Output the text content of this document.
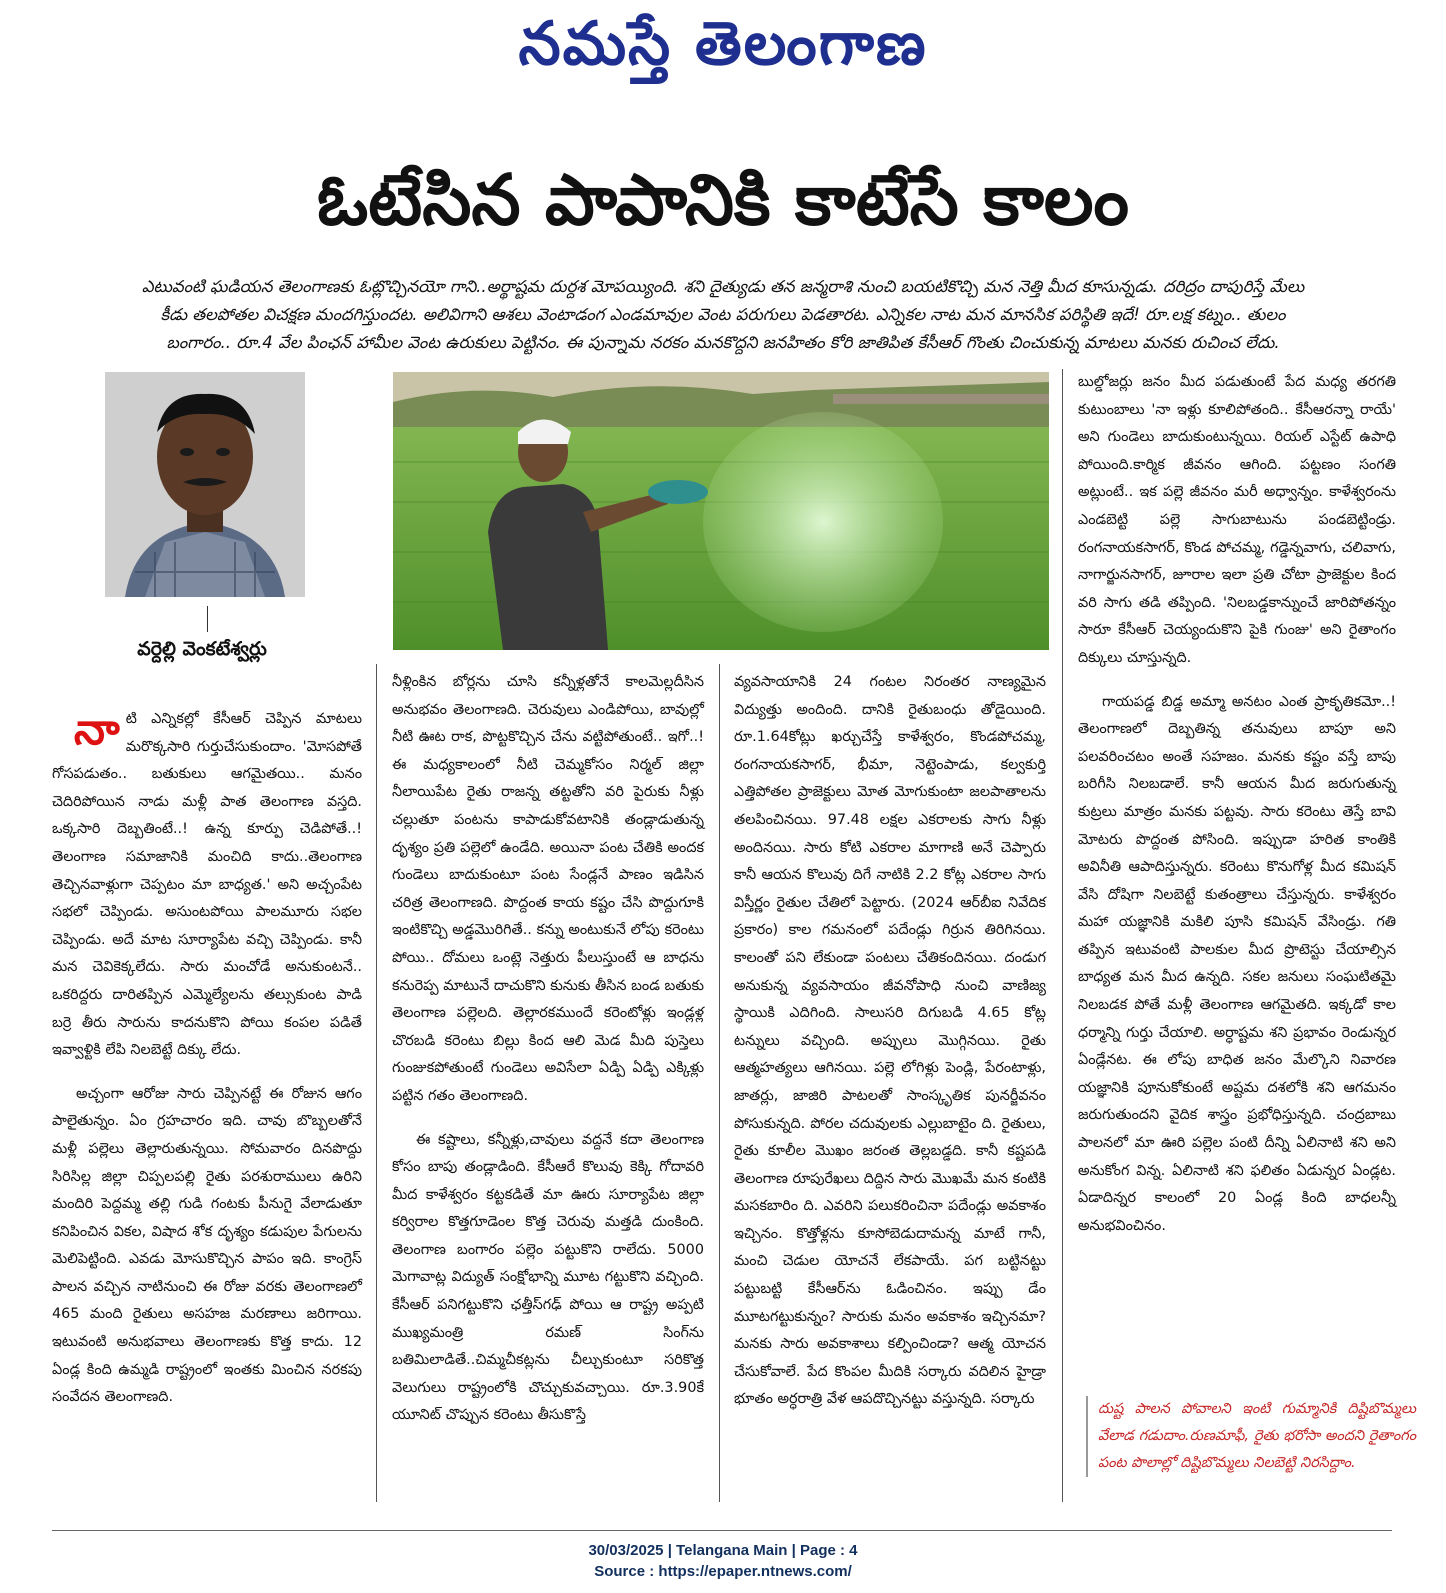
నమస్తే తెలంగాణ
ఓటేసిన పాపానికి కాటేసే కాలం

ఎటువంటి ఘడియన తెలంగాణకు ఓట్లొచ్చినయో గాని..అర్థాష్టమ దుర్దశ మోపయ్యింది. శని దైత్యుడు తన జన్మరాశి నుంచి బయటికొచ్చి మన నెత్తి మీద కూసున్నడు. దరిద్రం దాపురిస్తే మేలు

కీడు తలపోతల విచక్షణ మందగిస్తుందట. అలివిగాని ఆశలు వెంటాడంగ ఎండమావుల వెంట పరుగులు పెడతారట. ఎన్నికల నాట మన మానసిక పరిస్థితి ఇదే! రూ.లక్ష కట్నం.. తులం

బంగారం.. రూ.4 వేల పింఛన్ హామీల వెంట ఉరుకులు పెట్టినం. ఈ పున్నామ నరకం మనకొద్దని జనహితం కోరి జాతిపిత కేసీఆర్ గొంతు చించుకున్న మాటలు మనకు రుచించ లేదు.

వర్దెల్లి వెంకటేశ్వర్లు

నాటి ఎన్నికల్లో కేసీఆర్ చెప్పిన మాటలు మరొక్కసారి గుర్తుచేసుకుందాం. 'మోసపోతే గోసపడుతం.. బతుకులు ఆగమైతయి.. మనం చెదిరిపోయిన నాడు మళ్లీ పాత తెలంగాణ వస్తది. ఒక్కసారి దెబ్బతింటే..! ఉన్న కూర్పు చెడిపోతే..! తెలంగాణ సమాజానికి మంచిది కాదు..తెలంగాణ తెచ్చినవాళ్లుగా చెప్పటం మా బాధ్యత.' అని అచ్చంపేట సభలో చెప్పిండు. అసుంటపోయి పాలమూరు సభల చెప్పిండు. అదే మాట సూర్యాపేట వచ్చి చెప్పిండు. కానీ మన చెవికెక్కలేదు. సారు మంచోడే అనుకుంటనే.. ఒకరిద్దరు దారితప్పిన ఎమ్మెల్యేలను తల్సుకుంట పాడి బర్రె తీరు సారును కాదనుకొని పోయి కంపల పడితే ఇవ్వాళ్టికి లేపి నిలబెట్టే దిక్కు లేదు.

అచ్చంగా ఆరోజు సారు చెప్పినట్టే ఈ రోజున ఆగం పాలైతున్నం. ఏం గ్రహచారం ఇది. చావు బొబ్బలతోనే మళ్లీ పల్లెలు తెల్లారుతున్నయి. సోమవారం దినపొద్దు సిరిసిల్ల జిల్లా చిప్పలపల్లి రైతు పరశురాములు ఉరిని మందిరి పెద్దమ్మ తల్లి గుడి గంటకు పీనుగై వేలాడుతూ కనిపించిన వికల, విషాద శోక దృశ్యం కడుపుల పేగులను మెలిపెట్టింది. ఎవడు మోసుకొచ్చిన పాపం ఇది. కాంగ్రెస్ పాలన వచ్చిన నాటినుంచి ఈ రోజు వరకు తెలంగాణలో 465 మంది రైతులు అసహజ మరణాలు జరిగాయి. ఇటువంటి అనుభవాలు తెలంగాణకు కొత్త కాదు. 12 ఏండ్ల కింది ఉమ్మడి రాష్ట్రంలో ఇంతకు మించిన నరకపు సంవేదన తెలంగాణది.

నీళ్లింకిన బోర్లను చూసి కన్నీళ్లతోనే కాలమెల్లదీసిన అనుభవం తెలంగాణది. చెరువులు ఎండిపోయి, బావుల్లో నీటి ఊట రాక, పొట్టకొచ్చిన చేను వట్టిపోతుంటే.. ఇగో..! ఈ మధ్యకాలంలో నీటి చెమ్మకోసం నిర్మల్ జిల్లా నీలాయిపేట రైతు రాజన్న తట్టతోని వరి పైరుకు నీళ్లు చల్లుతూ పంటను కాపాడుకోవటానికి తండ్లాడుతున్న దృశ్యం ప్రతి పల్లెలో ఉండేది. అయినా పంట చేతికి అందక గుండెలు బాదుకుంటూ పంట సేండ్లనే పాణం ఇడిసిన చరిత్ర తెలంగాణది. పొద్దంత కాయ కష్టం చేసి పొద్దుగూకి ఇంటికొచ్చి అడ్డమొరిగితే.. కన్ను అంటుకునే లోపు కరెంటు పోయి.. దోమలు ఒంట్లె నెత్తురు పీలుస్తుంటే ఆ బాధను కనురెప్ప మాటునే దాచుకొని కునుకు తీసిన బండ బతుకు తెలంగాణ పల్లెలది. తెల్లారకముందే కరెంటోళ్లు ఇండ్లళ్ల చొరబడి కరెంటు బిల్లు కింద ఆలి మెడ మీది పుస్తెలు గుంజుకపోతుంటే గుండెలు అవిసేలా ఏడ్పి ఏడ్పి ఎక్కిళ్లు పట్టిన గతం తెలంగాణది.

ఈ కష్టాలు, కన్నీళ్లు,చావులు వద్దనే కదా తెలంగాణ కోసం బాపు తండ్లాడింది. కేసీఆరే కొలువు కెక్కి గోదావరి మీద కాళేశ్వరం కట్టకడితే మా ఊరు సూర్యాపేట జిల్లా కర్విరాల కొత్తగూడెంల కొత్త చెరువు మత్తడి దుంకింది. తెలంగాణ బంగారం పల్లెం పట్టుకొని రాలేదు. 5000 మెగావాట్ల విద్యుత్ సంక్షోభాన్ని మూట గట్టుకొని వచ్చింది. కేసీఆర్ పనిగట్టుకొని ఛత్తీస్‌గఢ్ పోయి ఆ రాష్ట్ర అప్పటి ముఖ్యమంత్రి రమణ్ సింగ్‌ను బతిమిలాడితే..చిమ్మచీకట్లను చీల్చుకుంటూ సరికొత్త వెలుగులు రాష్ట్రంలోకి చొచ్చుకువచ్చాయి. రూ.3.90కే యూనిట్ చొప్పున కరెంటు తీసుకొస్తే

వ్యవసాయానికి 24 గంటల నిరంతర నాణ్యమైన విద్యుత్తు అందింది. దానికి రైతుబంధు తోడైయింది. రూ.1.64కోట్లు ఖర్చుచేస్తే కాళేశ్వరం, కొండపోచమ్మ, రంగనాయకసాగర్, భీమా, నెట్టెంపాడు, కల్వకుర్తి ఎత్తిపోతల ప్రాజెక్టులు మోత మోగుకుంటా జలపాతాలను తలపించినయి. 97.48 లక్షల ఎకరాలకు సాగు నీళ్లు అందినయి. సారు కోటి ఎకరాల మాగాణి అనే చెప్పారు కానీ ఆయన కొలువు దిగే నాటికి 2.2 కోట్ల ఎకరాల సాగు విస్తీర్ణం రైతుల చేతిలో పెట్టారు. (2024 ఆర్‌బీఐ నివేదిక ప్రకారం) కాల గమనంలో పదేండ్లు గిర్రున తిరిగినయి. కాలంతో పని లేకుండా పంటలు చేతికందినయి. దండుగ అనుకున్న వ్యవసాయం జీవనోపాధి నుంచి వాణిజ్య స్థాయికి ఎదిగింది. సాలుసరి దిగుబడి 4.65 కోట్ల టన్నులు వచ్చింది. అప్పులు మొగ్గినయి. రైతు ఆత్మహత్యలు ఆగినయి. పల్లె లోగిళ్లు పెండ్లి, పేరంటాళ్లు, జాతర్లు, జాజిరి పాటలతో సాంస్కృతిక పునర్జీవనం పోసుకున్నది. పోరల చదువులకు ఎల్లుబాటైం ది. రైతులు, రైతు కూలీల మొఖం జరంత తెల్లబడ్డది. కానీ కష్టపడి తెలంగాణ రూపురేఖలు దిద్దిన సారు మొఖమే మన కంటికి మసకబారిం ది. ఎవరిని పలుకరించినా పదేండ్లు అవకాశం ఇచ్చినం. కొత్తోళ్లను కూసోబెడుదామన్న మాటే గానీ, మంచి చెడుల యోచనే లేకపాయే. పగ బట్టినట్టు పట్టుబట్టి కేసీఆర్‌ను ఓడించినం. ఇప్పు డేం మూటగట్టుకున్నం? సారుకు మనం అవకాశం ఇచ్చినమా? మనకు సారు అవకాశాలు కల్పించిండా? ఆత్మ యోచన చేసుకోవాలే. పేద కొంపల మీదికి సర్కారు వదిలిన హైడ్రా భూతం అర్ధరాత్రి వేళ ఆపదొచ్చినట్టు వస్తున్నది. సర్కారు

బుల్డోజర్లు జనం మీద పడుతుంటే పేద మధ్య తరగతి కుటుంబాలు 'నా ఇళ్లు కూలిపోతంది.. కేసీఆరన్నా రాయే' అని గుండెలు బాదుకుంటున్నయి. రియల్ ఎస్టేట్ ఉపాధి పోయింది.కార్మిక జీవనం ఆగింది. పట్టణం సంగతి అట్లుంటే.. ఇక పల్లె జీవనం మరీ అధ్వాన్నం. కాళేశ్వరంను ఎండబెట్టి పల్లె సాగుబాటును పండబెట్టిండ్రు. రంగనాయకసాగర్, కొండ పోచమ్మ, గడ్డెన్నవాగు, చలివాగు, నాగార్జునసాగర్, జూరాల ఇలా ప్రతి చోటా ప్రాజెక్టుల కింద వరి సాగు తడి తప్పింది. 'నిలబడ్డకాన్నుంచే జారిపోతన్నం సారూ కేసీఆర్ చెయ్యందుకొని పైకి గుంజు' అని రైతాంగం దిక్కులు చూస్తున్నది.

గాయపడ్డ బిడ్డ అమ్మా అనటం ఎంత ప్రాకృతికమో..! తెలంగాణలో దెబ్బతిన్న తనువులు బాపూ అని పలవరించటం అంతే సహజం. మనకు కష్టం వస్తే బాపు బరిగీసి నిలబడాలే. కానీ ఆయన మీద జరుగుతున్న కుట్రలు మాత్రం మనకు పట్టవు. సారు కరెంటు తెస్తే బావి మోటరు పొద్దంత పోసింది. ఇప్పుడా హరిత కాంతికి అవినీతి ఆపాదిస్తున్నరు. కరెంటు కొనుగోళ్ల మీద కమిషన్ వేసి దోషిగా నిలబెట్టే కుతంత్రాలు చేస్తున్నరు. కాళేశ్వరం మహా యజ్ఞానికి మకిలి పూసి కమిషన్ వేసిండ్రు. గతి తప్పిన ఇటువంటి పాలకుల మీద ప్రొటెస్టు చేయాల్సిన బాధ్యత మన మీద ఉన్నది. సకల జనులు సంఘటితమై నిలబడక పోతే మళ్లీ తెలంగాణ ఆగమైతది. ఇక్కడో కాల ధర్మాన్ని గుర్తు చేయాలి. అర్ధాష్టమ శని ప్రభావం రెండున్నర ఏండ్లేనట. ఈ లోపు బాధిత జనం మేల్కొని నివారణ యజ్ఞానికి పూనుకోకుంటే అష్టమ దశలోకి శని ఆగమనం జరుగుతుందని వైదిక శాస్త్రం ప్రభోధిస్తున్నది. చంద్రబాబు పాలనలో మా ఊరి పల్లెల పంటి దీన్ని ఏలినాటి శని అని అనుకోంగ విన్న. ఏలినాటి శని ఫలితం ఏడున్నర ఏండ్లట. ఏడాదిన్నర కాలంలో 20 ఏండ్ల కింది బాధలన్నీ అనుభవించినం.

దుష్ట పాలన పోవాలని ఇంటి గుమ్మానికి దిష్టిబొమ్మలు వేలాడ గడుదాం.రుణమాఫీ, రైతు భరోసా అందని రైతాంగం పంట పొలాల్లో దిష్టిబొమ్మలు నిలబెట్టి నిరసిద్దాం.
30/03/2025 | Telangana Main | Page : 4
Source : https://epaper.ntnews.com/
